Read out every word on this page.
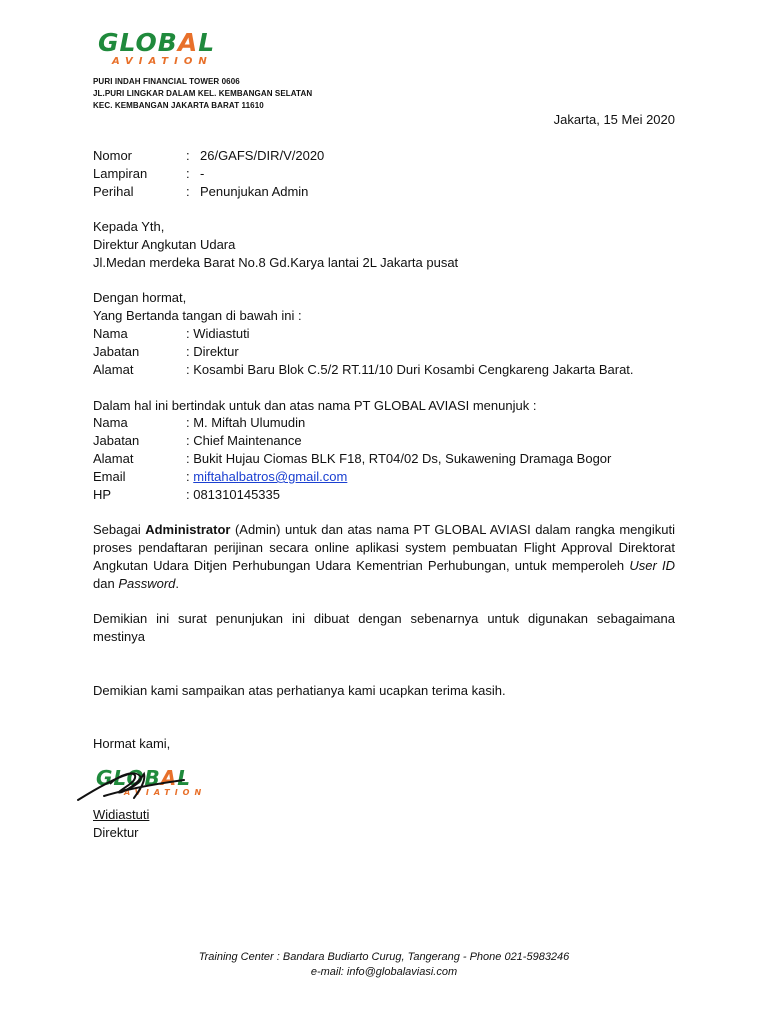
GLOBAL
AVIATION
PURI INDAH FINANCIAL TOWER 0606
JL.PURI LINGKAR DALAM KEL. KEMBANGAN SELATAN
KEC. KEMBANGAN JAKARTA BARAT 11610
Jakarta, 15 Mei 2020
Nomor	: 26/GAFS/DIR/V/2020
Lampiran	: -
Perihal	: Penunjukan Admin
Kepada Yth,
Direktur Angkutan Udara
Jl.Medan merdeka Barat No.8 Gd.Karya lantai 2L Jakarta pusat
Dengan hormat,
Yang Bertanda tangan di bawah ini :
Nama	: Widiastuti
Jabatan	: Direktur
Alamat	: Kosambi Baru Blok C.5/2 RT.11/10 Duri Kosambi Cengkareng Jakarta Barat.
Dalam hal ini bertindak untuk dan atas nama PT GLOBAL AVIASI menunjuk :
Nama	: M. Miftah Ulumudin
Jabatan	: Chief Maintenance
Alamat	: Bukit Hujau Ciomas BLK F18, RT04/02 Ds, Sukawening Dramaga Bogor
Email	: miftahalbatros@gmail.com
HP	: 081310145335
Sebagai Administrator (Admin) untuk dan atas nama PT GLOBAL AVIASI dalam rangka mengikuti proses pendaftaran perijinan secara online aplikasi system pembuatan Flight Approval Direktorat Angkutan Udara Ditjen Perhubungan Udara Kementrian Perhubungan, untuk memperoleh User ID dan Password.
Demikian ini surat penunjukan ini dibuat dengan sebenarnya untuk digunakan sebagaimana mestinya
Demikian kami sampaikan atas perhatianya kami ucapkan terima kasih.
Hormat kami,
GLOBAL
AVIATION
Widiastuti
Direktur
Training Center : Bandara Budiarto Curug, Tangerang - Phone 021-5983246
e-mail: info@globalaviasi.com
